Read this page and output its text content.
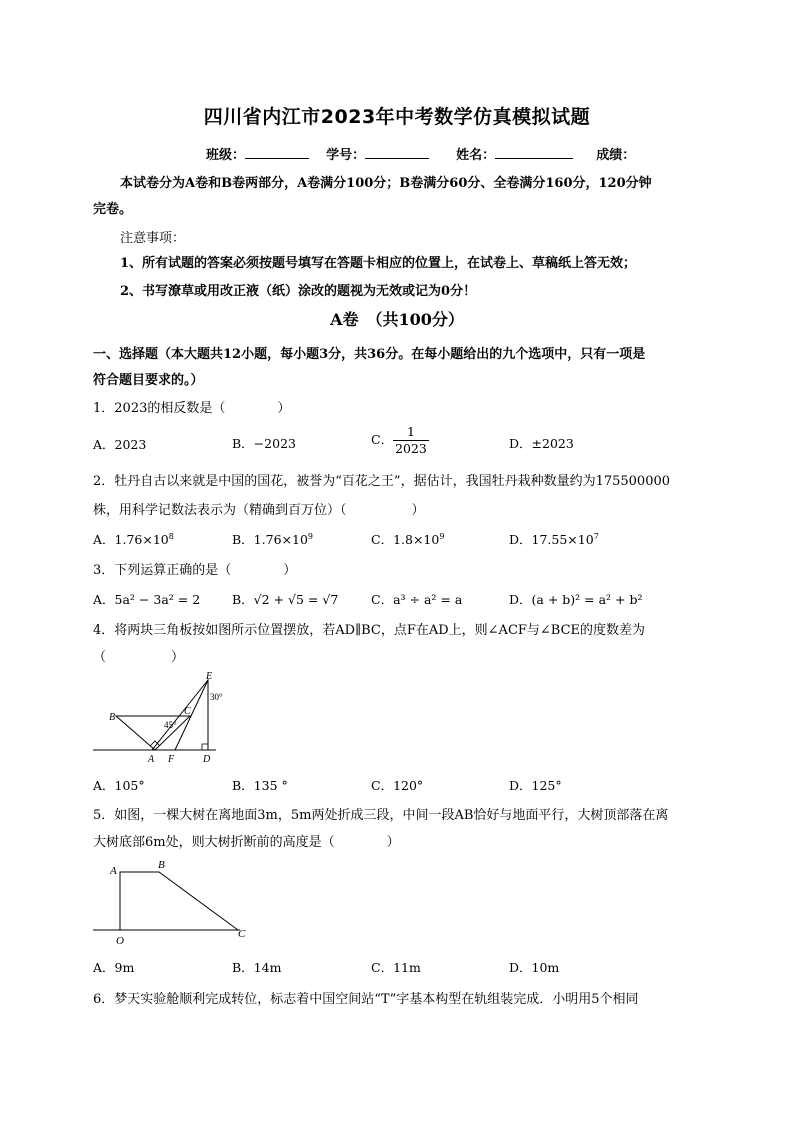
四川省内江市2023年中考数学仿真模拟试题
班级：	学号：	姓名：	成绩：
本试卷分为A卷和B卷两部分，A卷满分100分；B卷满分60分、全卷满分160分，120分钟
完卷。
注意事项：
1、所有试题的答案必须按题号填写在答题卡相应的位置上，在试卷上、草稿纸上答无效；
2、书写潦草或用改正液（纸）涂改的题视为无效或记为0分！
A卷　（共100分）
一、选择题（本大题共12小题，每小题3分，共36分。在每小题给出的九个选项中，只有一项是
符合题目要求的。）
1．2023的相反数是（　　　　）
A．2023	B．−2023	C． $\frac{1}{2023}$	D．±2023
2．牡丹自古以来就是中国的国花，被誉为“百花之王”，据估计，我国牡丹栽种数量约为175500000
株，用科学记数法表示为（精确到百万位）（　　　　　）
A．$1.76\times 10^8$	B．$1.76\times 10^9$	C．$1.8\times 10^9$	D．$17.55\times 10^7$
3．下列运算正确的是（　　　　）
A．5a² − 3a² = 2	B．√2 + √5 = √7	C．a³ ÷ a² = a	D．(a + b)² = a² + b²
4．将两块三角板按如图所示位置摆放，若AD∥BC，点F在AD上，则∠ACF与∠BCE的度数差为
（　　　　　）
E
30°
C
B
45°
A F	D
A．105°	B．135 °	C．120°	D．125°
5．如图，一棵大树在离地面3m，5m两处折成三段，中间一段AB恰好与地面平行，大树顶部落在离
大树底部6m处，则大树折断前的高度是（　　　　）
A	B
O
C
A．9m	B．14m	C．11m	D．10m
6．梦天实验舱顺利完成转位，标志着中国空间站“T”字基本构型在轨组装完成．小明用5个相同
